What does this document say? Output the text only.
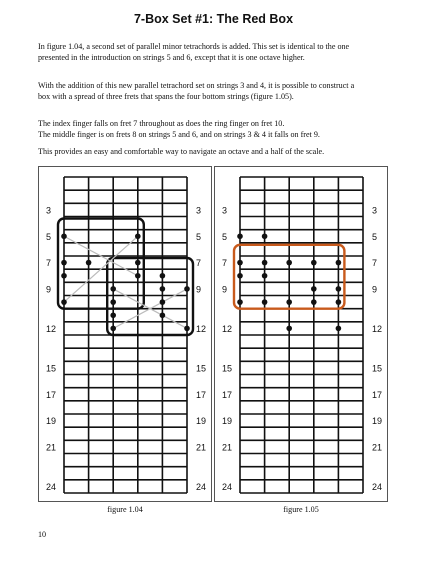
7-Box Set #1: The Red Box
In figure 1.04, a second set of parallel minor tetrachords is added. This set is identical to the one
presented in the introduction on strings 5 and 6, except that it is one octave higher.
With the addition of this new parallel tetrachord set on strings 3 and 4, it is possible to construct a
box with a spread of three frets that spans the four bottom strings (figure 1.05).
The index finger falls on fret 7 throughout as does the ring finger on fret 10.
The middle finger is on frets 8 on strings 5 and 6, and on strings 3 & 4 it falls on fret 9.
This provides an easy and comfortable way to navigate an octave and a half of the scale.
3	3
5	5
7	7
9	9
12	12
15	15
17	17
19	19
21	21
24	24
3	3
5	5
7	7
9	9
12	12
15	15
17	17
19	19
21	21
24	24
figure 1.04	figure 1.05
10
